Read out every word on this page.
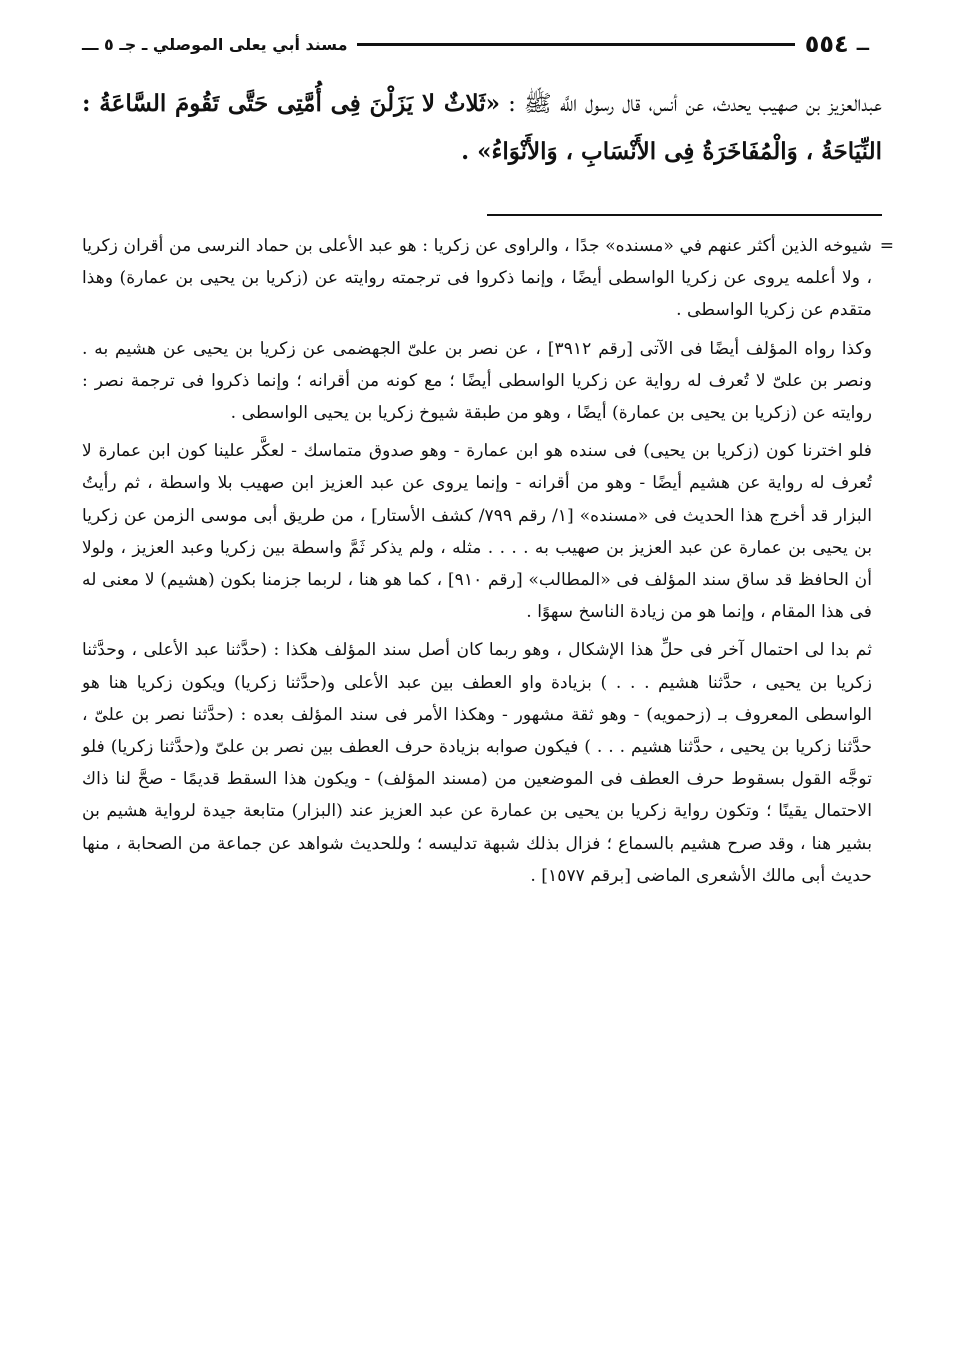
ــ
٥٥٤
مسند أبي يعلى الموصلي ـ جـ ٥ ـــ

عبدالعزيز بن صهيب يحدث، عن أنس، قال رسول اللَّه ﷺ : «ثَلاثٌ لا يَزَلْنَ فِى أُمَّتِى حَتَّى تَقُومَ السَّاعَةُ : النِّيَاحَةُ ، وَالْمُفَاخَرَةُ فِى الأَنْسَابِ ، وَالأَنْوَاءُ» .

=
شيوخه الذين أكثر عنهم في «مسنده» جدًا ، والراوى عن زكريا : هو عبد الأعلى بن حماد النرسى من أقران زكريا ، ولا أعلمه يروى عن زكريا الواسطى أيضًا ، وإنما ذكروا فى ترجمته روايته عن (زكريا بن يحيى بن عمارة) وهذا متقدم عن زكريا الواسطى .

وكذا رواه المؤلف أيضًا فى الآتى [رقم ٣٩١٢] ، عن نصر بن علىّ الجهضمى عن زكريا بن يحيى عن هشيم به . ونصر بن علىّ لا تُعرف له رواية عن زكريا الواسطى أيضًا ؛ مع كونه من أقرانه ؛ وإنما ذكروا فى ترجمة نصر : روايته عن (زكريا بن يحيى بن عمارة) أيضًا ، وهو من طبقة شيوخ زكريا بن يحيى الواسطى .

فلو اخترنا كون (زكريا بن يحيى) فى سنده هو ابن عمارة - وهو صدوق متماسك - لعكَّر علينا كون ابن عمارة لا تُعرف له رواية عن هشيم أيضًا - وهو من أقرانه - وإنما يروى عن عبد العزيز ابن صهيب بلا واسطة ، ثم رأيتُ البزار قد أخرج هذا الحديث فى «مسنده» [١/ رقم ٧٩٩/ كشف الأستار] ، من طريق أبى موسى الزمن عن زكريا بن يحيى بن عمارة عن عبد العزيز بن صهيب به . . . . مثله ، ولم يذكر ثَمَّ واسطة بين زكريا وعبد العزيز ، ولولا أن الحافظ قد ساق سند المؤلف فى «المطالب» [رقم ٩١٠] ، كما هو هنا ، لربما جزمنا بكون (هشيم) لا معنى له فى هذا المقام ، وإنما هو من زيادة الناسخ سهوًا .

ثم بدا لى احتمال آخر فى حلِّ هذا الإشكال ، وهو ربما كان أصل سند المؤلف هكذا : (حدَّثنا عبد الأعلى ، وحدَّثنا زكريا بن يحيى ، حدَّثنا هشيم . . . ) بزيادة واو العطف بين عبد الأعلى و(حدَّثنا زكريا) ويكون زكريا هنا هو الواسطى المعروف بـ (زحمويه) - وهو ثقة مشهور - وهكذا الأمر فى سند المؤلف بعده : (حدَّثنا نصر بن علىّ ، حدَّثنا زكريا بن يحيى ، حدَّثنا هشيم . . . ) فيكون صوابه بزيادة حرف العطف بين نصر بن علىّ و(حدَّثنا زكريا) فلو توجَّه القول بسقوط حرف العطف فى الموضعين من (مسند المؤلف) - ويكون هذا السقط قديمًا - صحَّ لنا ذاك الاحتمال يقينًا ؛ وتكون رواية زكريا بن يحيى بن عمارة عن عبد العزيز عند (البزار) متابعة جيدة لرواية هشيم بن بشير هنا ، وقد صرح هشيم بالسماع ؛ فزال بذلك شبهة تدليسه ؛ وللحديث شواهد عن جماعة من الصحابة ، منها حديث أبى مالك الأشعرى الماضى [برقم ١٥٧٧] .
